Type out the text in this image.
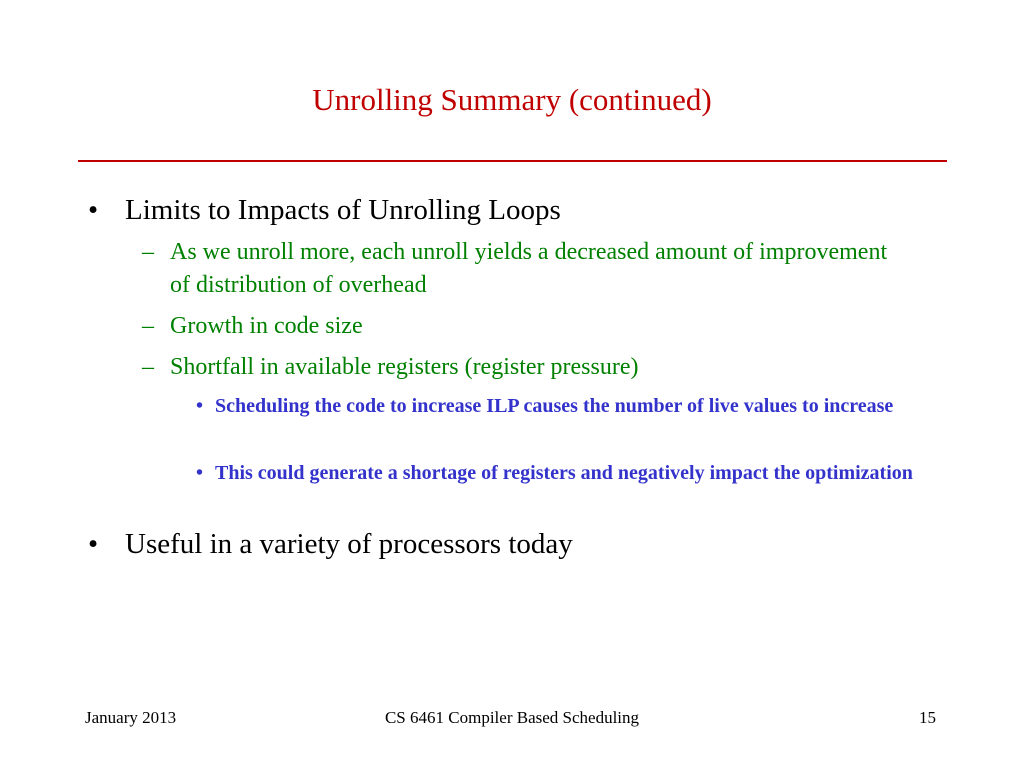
Unrolling Summary (continued)
• Limits to Impacts of Unrolling Loops
– As we unroll more, each unroll yields a decreased amount of improvement of distribution of overhead
– Growth in code size
– Shortfall in available registers (register pressure)
• Scheduling the code to increase ILP causes the number of live values to increase
• This could generate a shortage of registers and negatively impact the optimization
• Useful in a variety of processors today
January 2013	CS 6461 Compiler Based Scheduling	15
